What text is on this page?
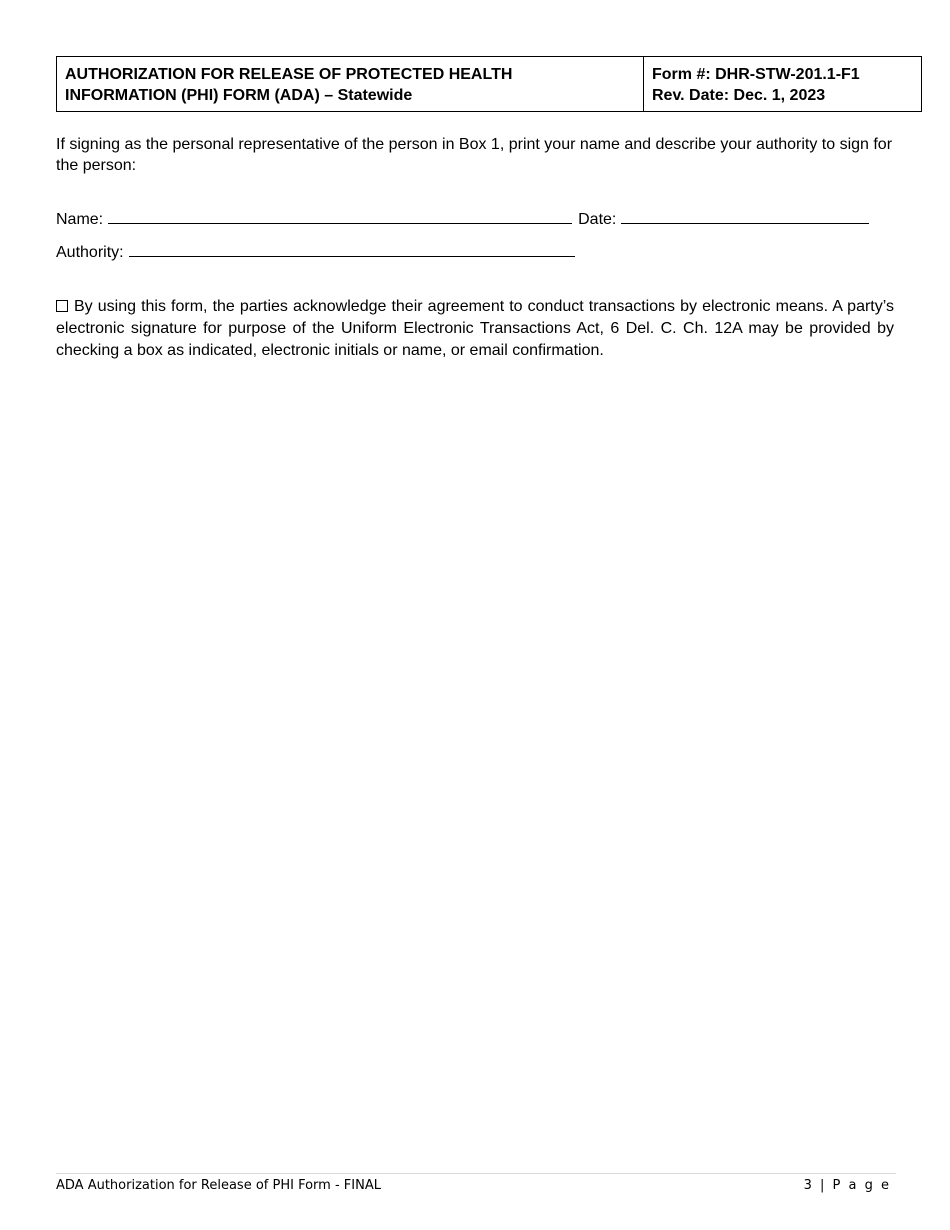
AUTHORIZATION FOR RELEASE OF PROTECTED HEALTH
INFORMATION (PHI) FORM (ADA) – Statewide
Form #: DHR-STW-201.1-F1
Rev. Date: Dec. 1, 2023
If signing as the personal representative of the person in Box 1, print your name and describe your authority to sign for the person:
Name:	Date:
Authority:
By using this form, the parties acknowledge their agreement to conduct transactions by electronic means. A party’s electronic signature for purpose of the Uniform Electronic Transactions Act, 6 Del. C. Ch. 12A may be provided by checking a box as indicated, electronic initials or name, or email confirmation.
ADA Authorization for Release of PHI Form - FINAL	3 | P a g e
